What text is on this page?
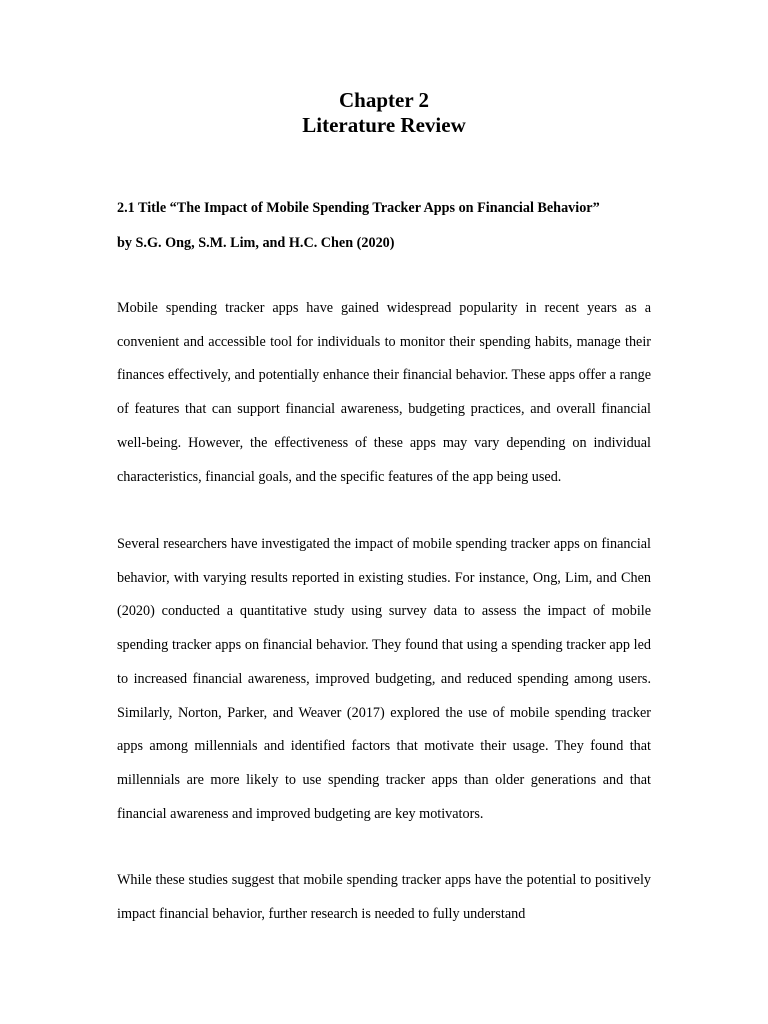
Chapter 2
Literature Review
2.1 Title “The Impact of Mobile Spending Tracker Apps on Financial Behavior”
by S.G. Ong, S.M. Lim, and H.C. Chen (2020)

Mobile spending tracker apps have gained widespread popularity in recent years as a convenient and accessible tool for individuals to monitor their spending habits, manage their finances effectively, and potentially enhance their financial behavior. These apps offer a range of features that can support financial awareness, budgeting practices, and overall financial well-being. However, the effectiveness of these apps may vary depending on individual characteristics, financial goals, and the specific features of the app being used.

Several researchers have investigated the impact of mobile spending tracker apps on financial behavior, with varying results reported in existing studies. For instance, Ong, Lim, and Chen (2020) conducted a quantitative study using survey data to assess the impact of mobile spending tracker apps on financial behavior. They found that using a spending tracker app led to increased financial awareness, improved budgeting, and reduced spending among users. Similarly, Norton, Parker, and Weaver (2017) explored the use of mobile spending tracker apps among millennials and identified factors that motivate their usage. They found that millennials are more likely to use spending tracker apps than older generations and that financial awareness and improved budgeting are key motivators.

While these studies suggest that mobile spending tracker apps have the potential to positively impact financial behavior, further research is needed to fully understand
